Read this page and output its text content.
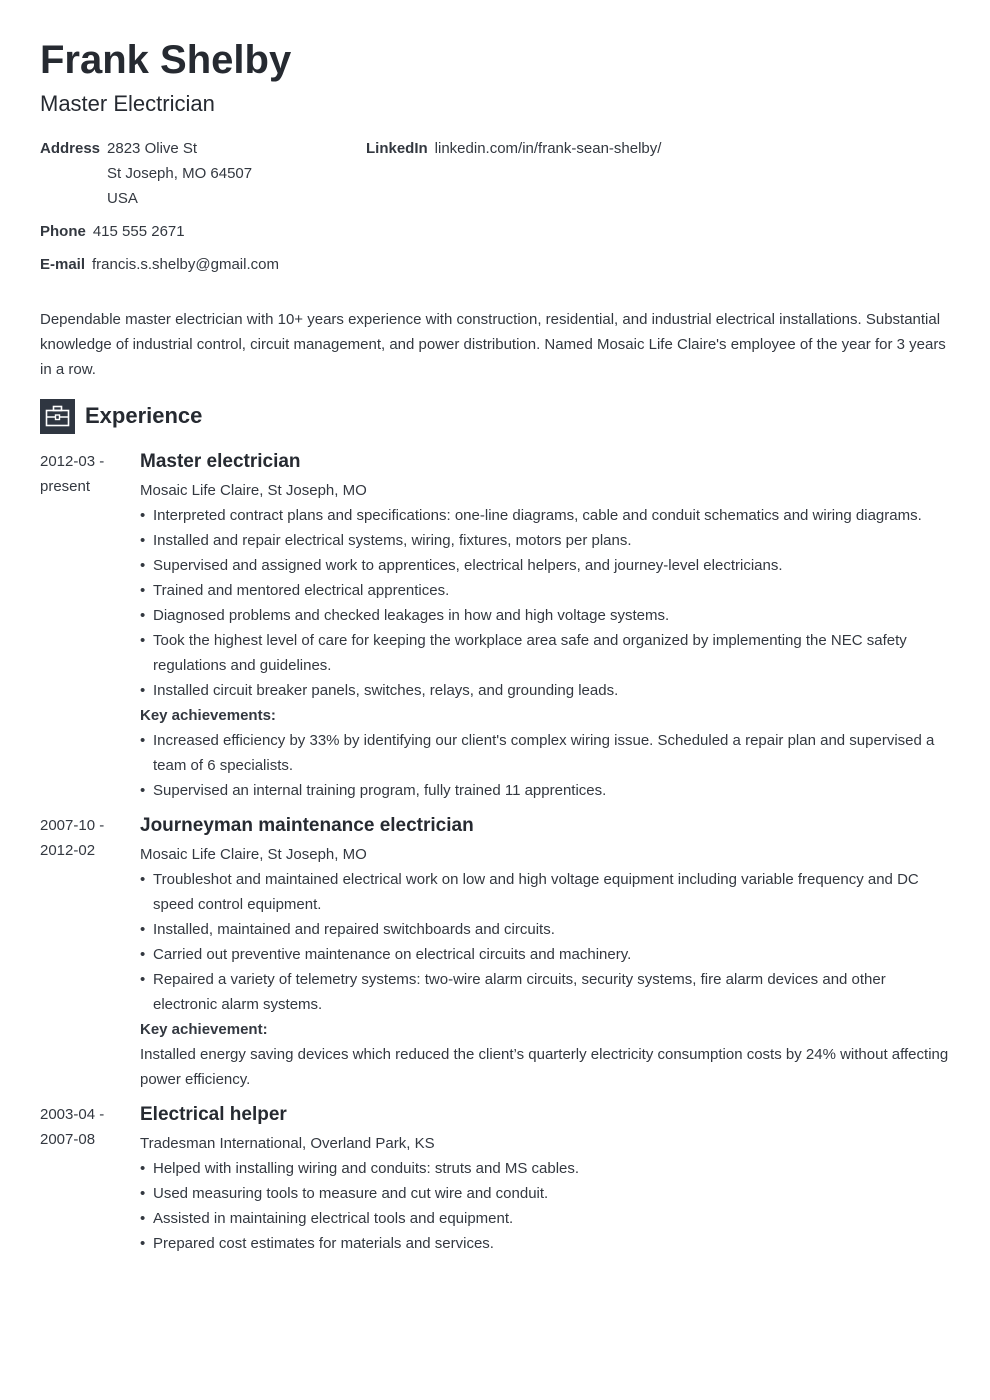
Frank Shelby
Master Electrician
Address 2823 Olive St
St Joseph, MO 64507
USA
LinkedIn linkedin.com/in/frank-sean-shelby/
Phone 415 555 2671
E-mail francis.s.shelby@gmail.com
Dependable master electrician with 10+ years experience with construction, residential, and industrial electrical installations. Substantial knowledge of industrial control, circuit management, and power distribution. Named Mosaic Life Claire's employee of the year for 3 years in a row.
Experience
2012-03 -
present
Master electrician
Mosaic Life Claire, St Joseph, MO
• Interpreted contract plans and specifications: one-line diagrams, cable and conduit schematics and wiring diagrams.
• Installed and repair electrical systems, wiring, fixtures, motors per plans.
• Supervised and assigned work to apprentices, electrical helpers, and journey-level electricians.
• Trained and mentored electrical apprentices.
• Diagnosed problems and checked leakages in how and high voltage systems.
• Took the highest level of care for keeping the workplace area safe and organized by implementing the NEC safety regulations and guidelines.
• Installed circuit breaker panels, switches, relays, and grounding leads.
Key achievements:
• Increased efficiency by 33% by identifying our client's complex wiring issue. Scheduled a repair plan and supervised a team of 6 specialists.
• Supervised an internal training program, fully trained 11 apprentices.
2007-10 -
2012-02
Journeyman maintenance electrician
Mosaic Life Claire, St Joseph, MO
• Troubleshot and maintained electrical work on low and high voltage equipment including variable frequency and DC speed control equipment.
• Installed, maintained and repaired switchboards and circuits.
• Carried out preventive maintenance on electrical circuits and machinery.
• Repaired a variety of telemetry systems: two-wire alarm circuits, security systems, fire alarm devices and other electronic alarm systems.
Key achievement:
Installed energy saving devices which reduced the client’s quarterly electricity consumption costs by 24% without affecting power efficiency.
2003-04 -
2007-08
Electrical helper
Tradesman International, Overland Park, KS
• Helped with installing wiring and conduits: struts and MS cables.
• Used measuring tools to measure and cut wire and conduit.
• Assisted in maintaining electrical tools and equipment.
• Prepared cost estimates for materials and services.
